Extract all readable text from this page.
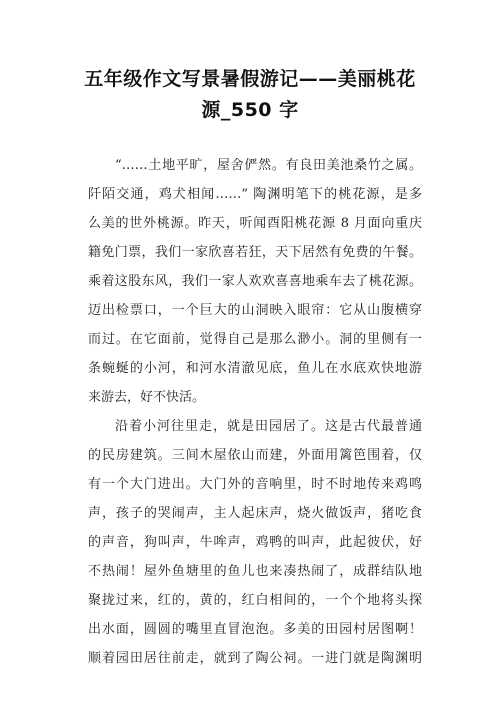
五年级作文写景暑假游记——美丽桃花
源_550 字
“……土地平旷，屋舍俨然。有良田美池桑竹之属。
阡陌交通，鸡犬相闻……” 陶渊明笔下的桃花源，是多
么美的世外桃源。昨天，听闻酉阳桃花源 8 月面向重庆
籍免门票，我们一家欣喜若狂，天下居然有免费的午餐。
乘着这股东风，我们一家人欢欢喜喜地乘车去了桃花源。
迈出检票口，一个巨大的山洞映入眼帘：它从山腹横穿
而过。在它面前，觉得自己是那么渺小。洞的里侧有一
条蜿蜒的小河，和河水清澈见底，鱼儿在水底欢快地游
来游去，好不快活。
沿着小河往里走，就是田园居了。这是古代最普通
的民房建筑。三间木屋依山而建，外面用篱笆围着，仅
有一个大门进出。大门外的音响里，时不时地传来鸡鸣
声，孩子的哭闹声，主人起床声，烧火做饭声，猪吃食
的声音，狗叫声，牛哞声，鸡鸭的叫声，此起彼伏，好
不热闹！屋外鱼塘里的鱼儿也来凑热闹了，成群结队地
聚拢过来，红的，黄的，红白相间的，一个个地将头探
出水面，圆圆的嘴里直冒泡泡。多美的田园村居图啊！
顺着园田居往前走，就到了陶公祠。一进门就是陶渊明
